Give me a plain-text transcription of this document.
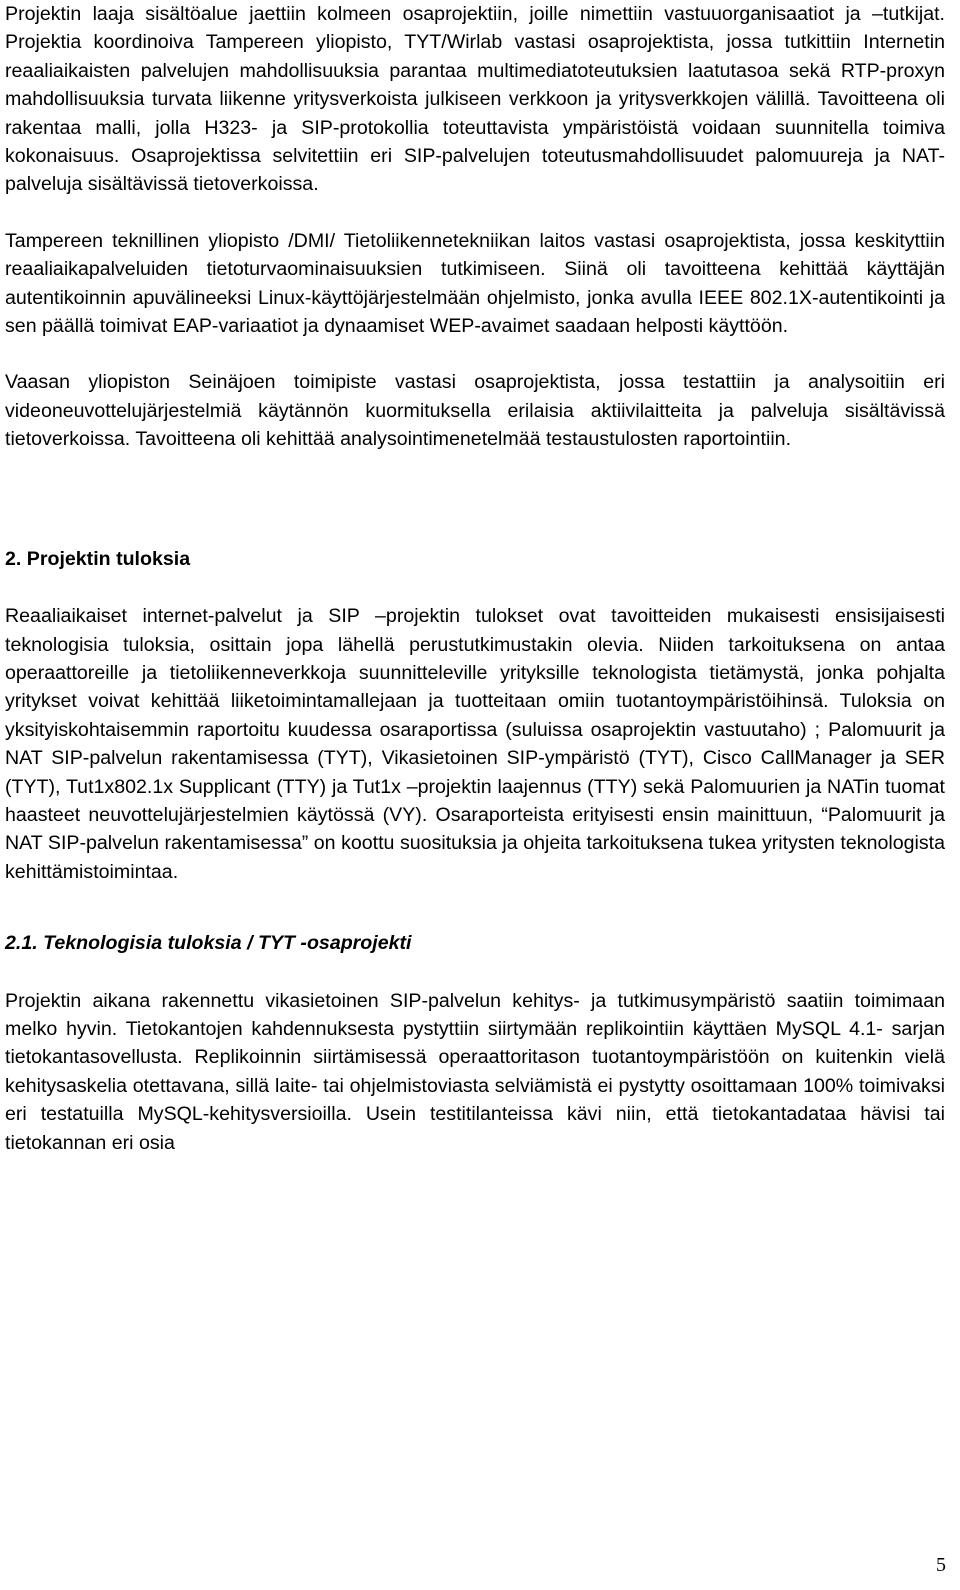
Projektin laaja sisältöalue jaettiin kolmeen osaprojektiin, joille nimettiin vastuuorganisaatiot ja –tutkijat. Projektia koordinoiva Tampereen yliopisto, TYT/Wirlab vastasi osaprojektista, jossa tutkittiin Internetin reaaliaikaisten palvelujen mahdollisuuksia parantaa multimediatoteutuksien laatutasoa sekä RTP-proxyn mahdollisuuksia turvata liikenne yritysverkoista julkiseen verkkoon ja yritysverkkojen välillä. Tavoitteena oli rakentaa malli, jolla H323- ja SIP-protokollia toteuttavista ympäristöistä voidaan suunnitella toimiva kokonaisuus. Osaprojektissa selvitettiin eri SIP-palvelujen toteutusmahdollisuudet palomuureja ja NAT-palveluja sisältävissä tietoverkoissa.

Tampereen teknillinen yliopisto /DMI/ Tietoliikennetekniikan laitos vastasi osaprojektista, jossa keskityttiin reaaliaikapalveluiden tietoturvaominaisuuksien tutkimiseen. Siinä oli tavoitteena kehittää käyttäjän autentikoinnin apuvälineeksi Linux-käyttöjärjestelmään ohjelmisto, jonka avulla IEEE 802.1X-autentikointi ja sen päällä toimivat EAP-variaatiot ja dynaamiset WEP-avaimet saadaan helposti käyttöön.

Vaasan yliopiston Seinäjoen toimipiste vastasi osaprojektista, jossa testattiin ja analysoitiin eri videoneuvottelujärjestelmiä käytännön kuormituksella erilaisia aktiivilaitteita ja palveluja sisältävissä tietoverkoissa. Tavoitteena oli kehittää analysointimenetelmää testaustulosten raportointiin.

2. Projektin tuloksia

Reaaliaikaiset internet-palvelut ja SIP –projektin tulokset ovat tavoitteiden mukaisesti ensisijaisesti teknologisia tuloksia, osittain jopa lähellä perustutkimustakin olevia. Niiden tarkoituksena on antaa operaattoreille ja tietoliikenneverkkoja suunnitteleville yrityksille teknologista tietämystä, jonka pohjalta yritykset voivat kehittää liiketoimintamallejaan ja tuotteitaan omiin tuotantoympäristöihinsä. Tuloksia on yksityiskohtaisemmin raportoitu kuudessa osaraportissa (suluissa osaprojektin vastuutaho) ; Palomuurit ja NAT SIP-palvelun rakentamisessa (TYT), Vikasietoinen SIP-ympäristö (TYT), Cisco CallManager ja SER (TYT), Tut1x802.1x Supplicant (TTY) ja Tut1x –projektin laajennus (TTY) sekä Palomuurien ja NATin tuomat haasteet neuvottelujärjestelmien käytössä (VY). Osaraporteista erityisesti ensin mainittuun, “Palomuurit ja NAT SIP-palvelun rakentamisessa” on koottu suosituksia ja ohjeita tarkoituksena tukea yritysten teknologista kehittämistoimintaa.

2.1. Teknologisia tuloksia / TYT -osaprojekti

Projektin aikana rakennettu vikasietoinen SIP-palvelun kehitys- ja tutkimusympäristö saatiin toimimaan melko hyvin. Tietokantojen kahdennuksesta pystyttiin siirtymään replikointiin käyttäen MySQL 4.1- sarjan tietokantasovellusta. Replikoinnin siirtämisessä operaattoritason tuotantoympäristöön on kuitenkin vielä kehitysaskelia otettavana, sillä laite- tai ohjelmistoviasta selviämistä ei pystytty osoittamaan 100% toimivaksi eri testatuilla MySQL-kehitysversioilla. Usein testitilanteissa kävi niin, että tietokantadataa hävisi tai tietokannan eri osia

5
